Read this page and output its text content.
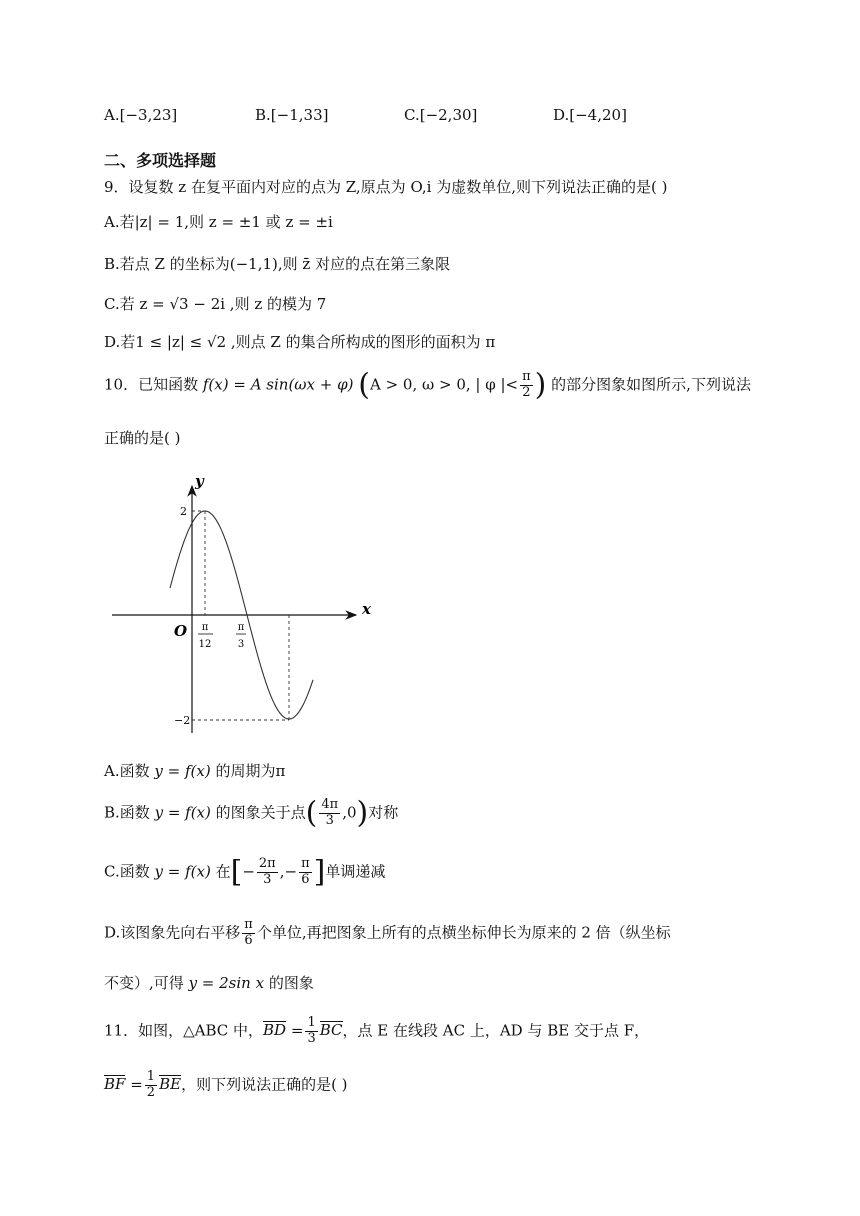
A.[−3,23]	B.[−1,33]	C.[−2,30]	D.[−4,20]
二、多项选择题
9．设复数 z 在复平面内对应的点为 Z,原点为 O,i 为虚数单位,则下列说法正确的是( )
A.若|z| = 1,则 z = ±1 或 z = ±i
B.若点 Z 的坐标为(−1,1),则 z̄ 对应的点在第三象限
C.若 z = √3 − 2i ,则 z 的模为 7
D.若1 ≤ |z| ≤ √2 ,则点 Z 的集合所构成的图形的面积为 π
10．已知函数 f(x) = A sin(ωx + φ) (A > 0, ω > 0, | φ |< $\frac{\pi}{2}$ ) 的部分图象如图所示,下列说法
正确的是( )
y
x
O
2
−2
π
12
π
3
A.函数 y = f(x) 的周期为π
B.函数 y = f(x) 的图象关于点( $\frac{4\pi}{3} ,0$)对称
C.函数 y = f(x) 在[− $\frac{2\pi}{3}$ ,− $\frac{\pi}{6}$ ]单调递减
D.该图象先向右平移 $\frac{\pi}{6}$ 个单位,再把图象上所有的点横坐标伸长为原来的 2 倍（纵坐标
不变）,可得 y = 2sin x 的图象
11．如图，△ABC 中，BD = $\frac{1}{3}$ BC，点 E 在线段 AC 上，AD 与 BE 交于点 F，
BF = $\frac{1}{2}$ BE，则下列说法正确的是( )
